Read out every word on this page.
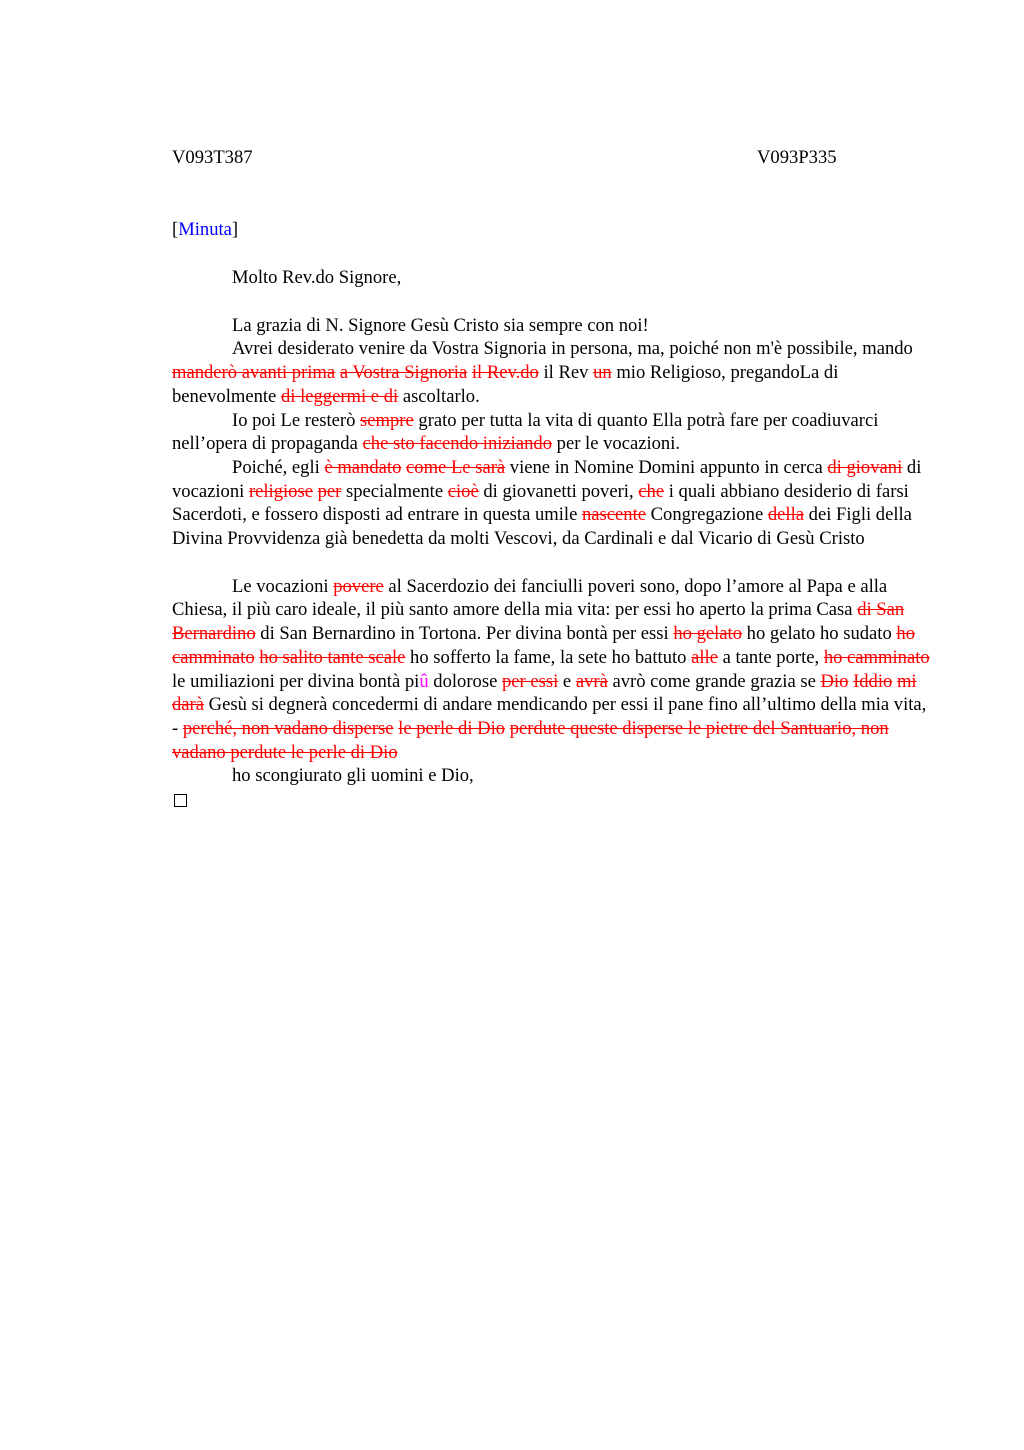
V093T387	V093P335
[Minuta]

Molto Rev.do Signore,

La grazia di N. Signore Gesù Cristo sia sempre con noi!

Avrei desiderato venire da Vostra Signoria in persona, ma, poiché non m'è possibile, mando manderò avanti prima a Vostra Signoria il Rev.do il Rev un mio Religioso, pregandoLa di benevolmente di leggermi e di ascoltarlo.

Io poi Le resterò sempre grato per tutta la vita di quanto Ella potrà fare per coadiuvarci nell’opera di propaganda che sto facendo iniziando per le vocazioni.

Poiché, egli è mandato come Le sarà viene in Nomine Domini appunto in cerca di giovani di vocazioni religiose per specialmente cioè di giovanetti poveri, che i quali abbiano desiderio di farsi Sacerdoti, e fossero disposti ad entrare in questa umile nascente Congregazione della dei Figli della Divina Provvidenza già benedetta da molti Vescovi, da Cardinali e dal Vicario di Gesù Cristo

Le vocazioni povere al Sacerdozio dei fanciulli poveri sono, dopo l’amore al Papa e alla Chiesa, il più caro ideale, il più santo amore della mia vita: per essi ho aperto la prima Casa di San Bernardino di San Bernardino in Tortona. Per divina bontà per essi ho gelato ho gelato ho sudato ho camminato ho salito tante scale ho sofferto la fame, la sete ho battuto alle a tante porte, ho camminato le umiliazioni per divina bontà piû dolorose per essi e avrà avrò come grande grazia se Dio Iddio mi darà Gesù si degnerà concedermi di andare mendicando per essi il pane fino all’ultimo della mia vita, - perché, non vadano disperse le perle di Dio perdute queste disperse le pietre del Santuario, non vadano perdute le perle di Dio

ho scongiurato gli uomini e Dio,
